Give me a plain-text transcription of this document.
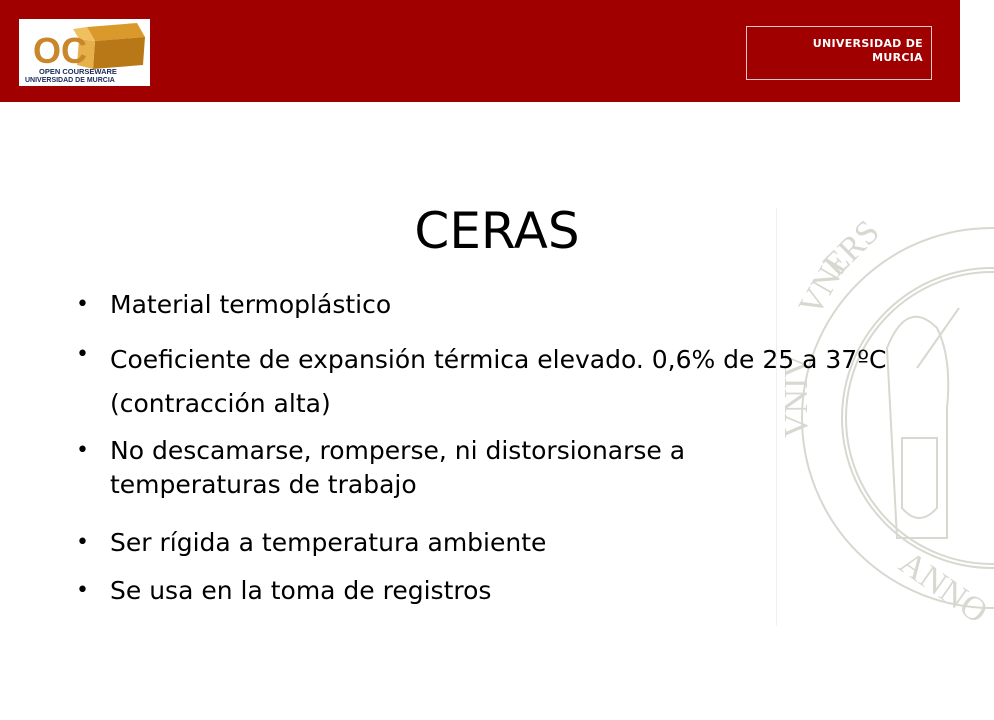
OC
OPEN COURSEWARE
UNIVERSIDAD DE MURCIA
UNIVERSIDAD DE
MURCIA
VNI
ERS
VNIV
ANNO
CERAS
• Material termoplástico
• Coeficiente de expansión térmica elevado. 0,6% de 25 a 37ºC (contracción alta)
• No descamarse, romperse, ni distorsionarse a temperaturas de trabajo
• Ser rígida a temperatura ambiente
• Se usa en la toma de registros
